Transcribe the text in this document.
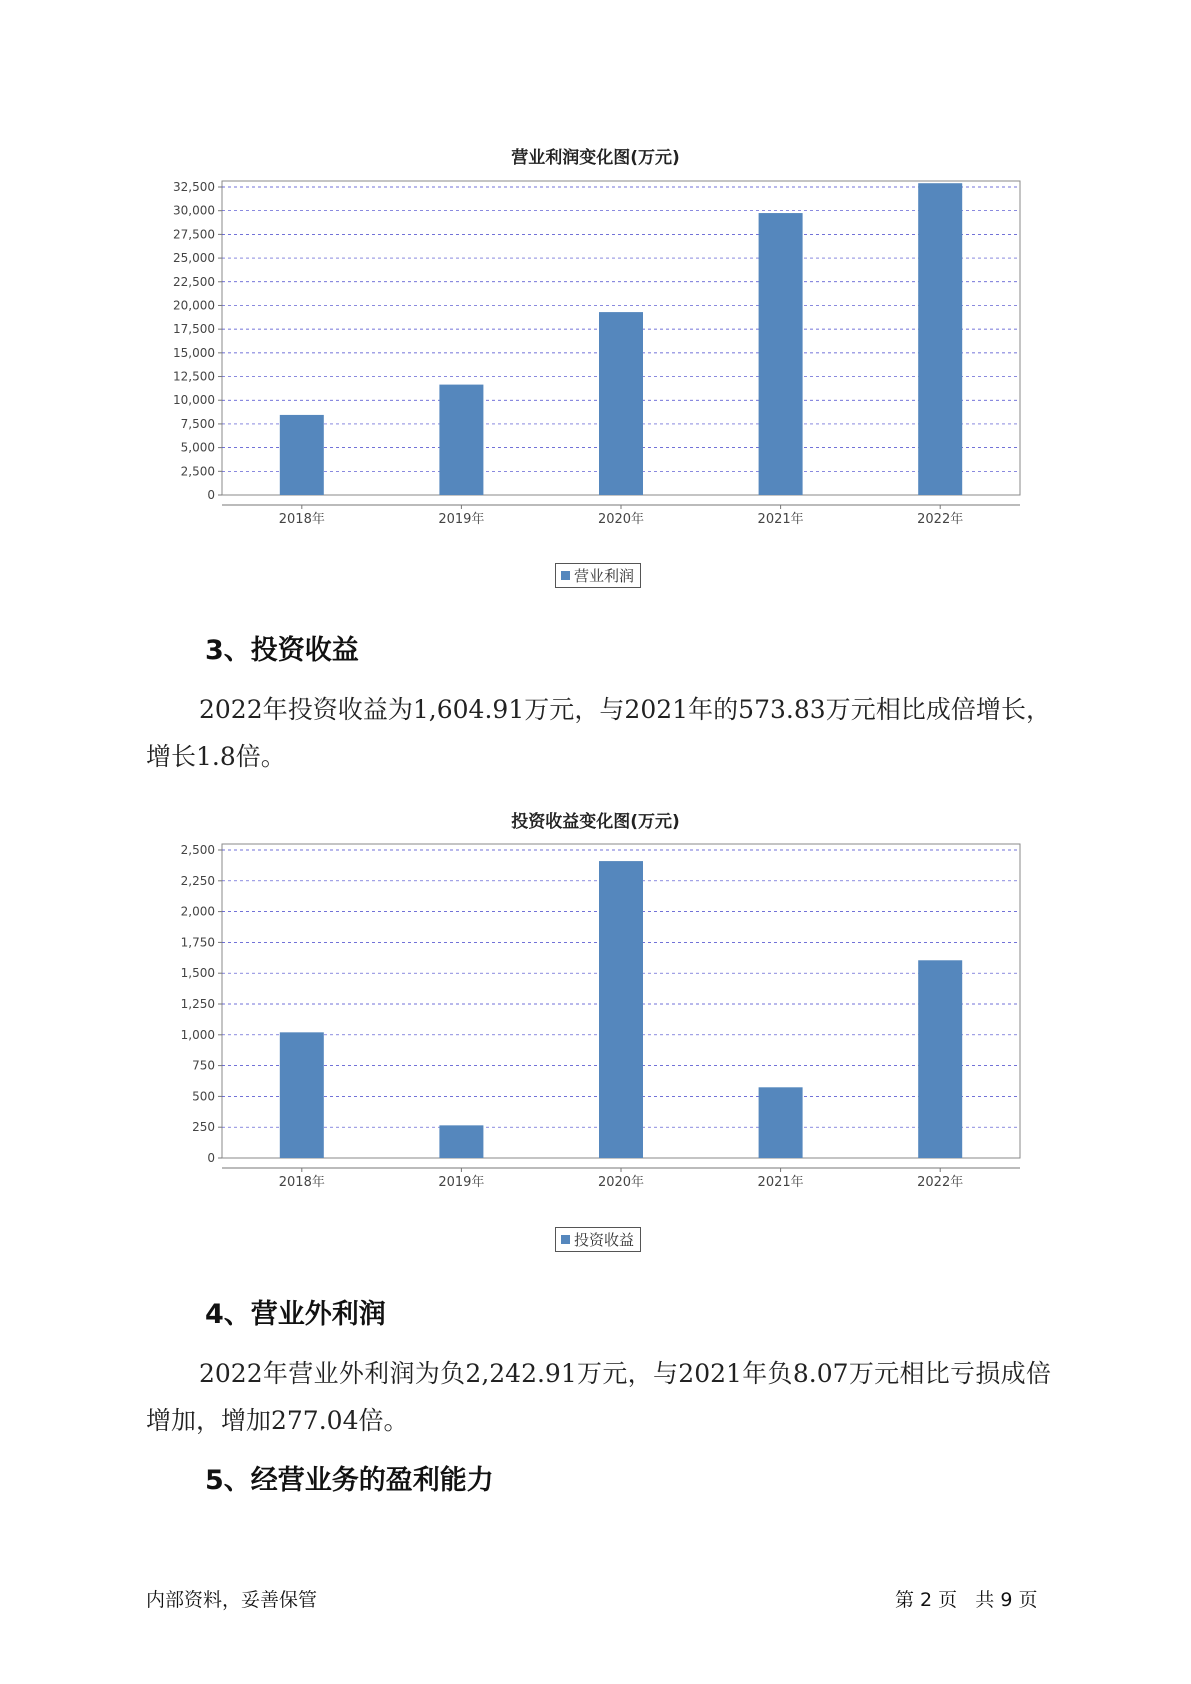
营业利润变化图(万元)
0
2,500
5,000
7,500
10,000
12,500
15,000
17,500
20,000
22,500
25,000
27,500
30,000
32,500
2018年	2019年	2020年	2021年	2022年
营业利润
3、投资收益

2022年投资收益为1,604.91万元，与2021年的573.83万元相比成倍增长，增长1.8倍。

投资收益变化图(万元)
0
250
500
750
1,000
1,250
1,500
1,750
2,000
2,250
2,500
2018年	2019年	2020年	2021年	2022年
投资收益
4、营业外利润

2022年营业外利润为负2,242.91万元，与2021年负8.07万元相比亏损成倍增加，增加277.04倍。

5、经营业务的盈利能力
内部资料，妥善保管	第 2 页   共 9 页
